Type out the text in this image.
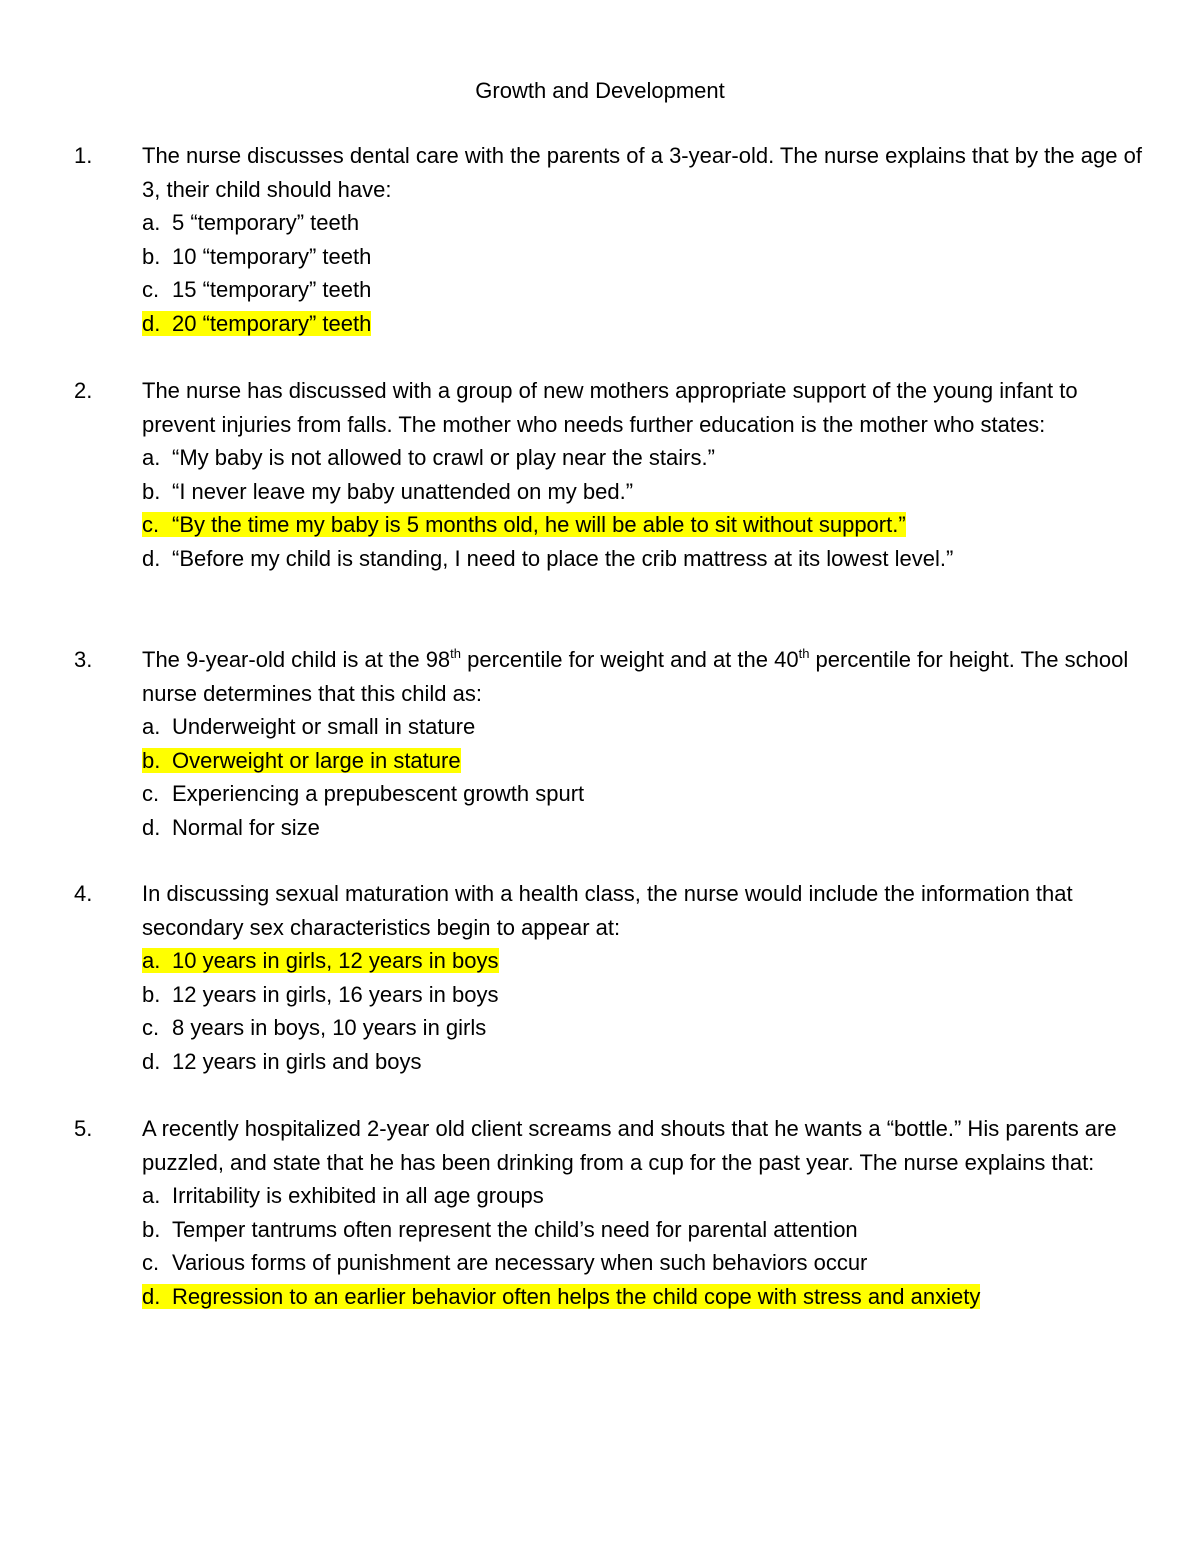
Growth and Development
1. The nurse discusses dental care with the parents of a 3-year-old. The nurse explains that by the age of 3, their child should have:

a. 5 “temporary” teeth

b. 10 “temporary” teeth

c. 15 “temporary” teeth

d. 20 “temporary” teeth

2. The nurse has discussed with a group of new mothers appropriate support of the young infant to prevent injuries from falls. The mother who needs further education is the mother who states:

a. “My baby is not allowed to crawl or play near the stairs.”

b. “I never leave my baby unattended on my bed.”

c. “By the time my baby is 5 months old, he will be able to sit without support.”

d. “Before my child is standing, I need to place the crib mattress at its lowest level.”

3. The 9-year-old child is at the 98th percentile for weight and at the 40th percentile for height. The school nurse determines that this child as:

a. Underweight or small in stature

b. Overweight or large in stature

c. Experiencing a prepubescent growth spurt

d. Normal for size

4. In discussing sexual maturation with a health class, the nurse would include the information that secondary sex characteristics begin to appear at:

a. 10 years in girls, 12 years in boys

b. 12 years in girls, 16 years in boys

c. 8 years in boys, 10 years in girls

d. 12 years in girls and boys

5. A recently hospitalized 2-year old client screams and shouts that he wants a “bottle.” His parents are puzzled, and state that he has been drinking from a cup for the past year. The nurse explains that:

a. Irritability is exhibited in all age groups

b. Temper tantrums often represent the child’s need for parental attention

c. Various forms of punishment are necessary when such behaviors occur

d. Regression to an earlier behavior often helps the child cope with stress and anxiety
